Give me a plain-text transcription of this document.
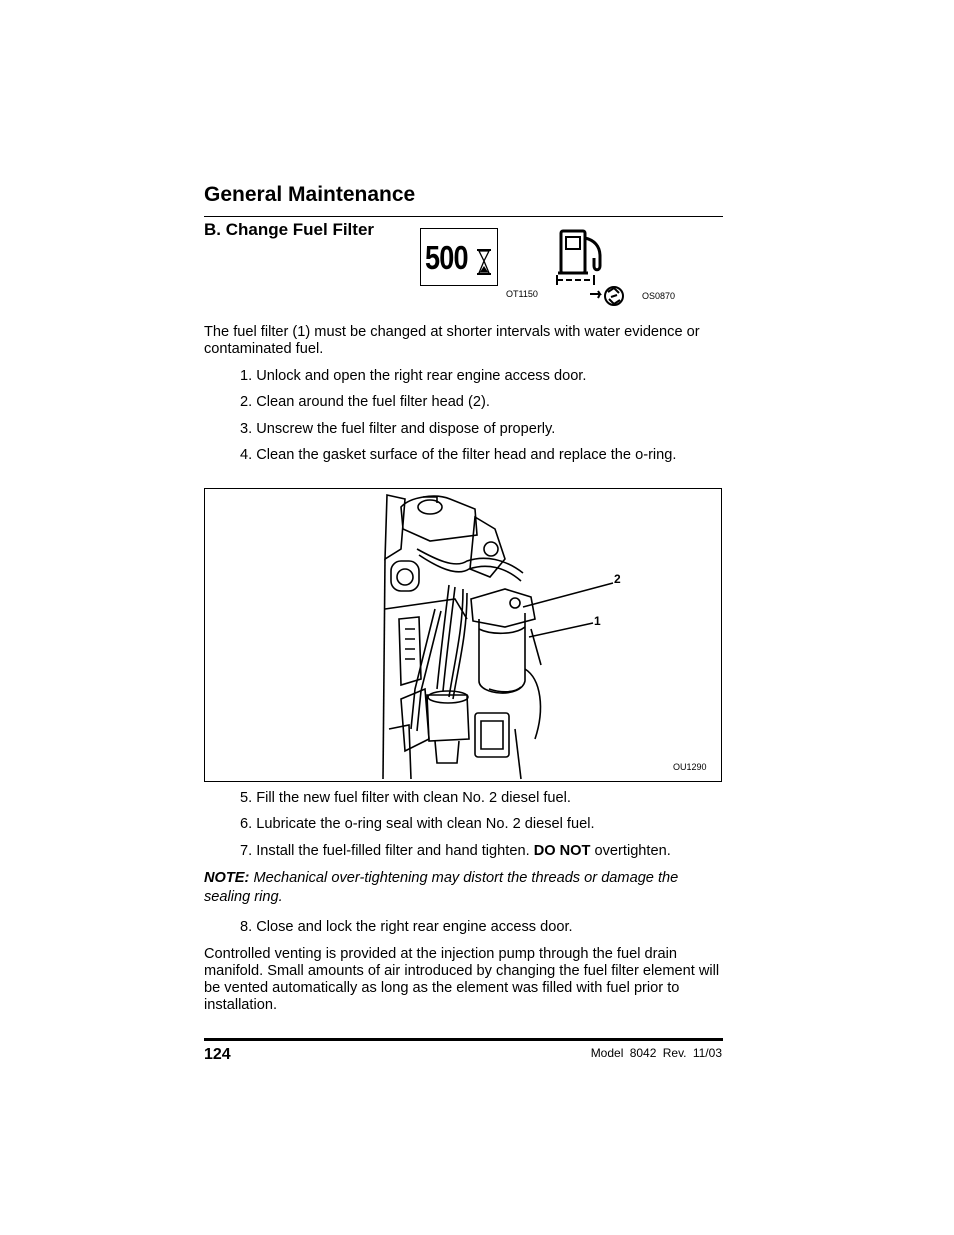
General Maintenance
B. Change Fuel Filter
500
OT1150	OS0870
The fuel filter (1) must be changed at shorter intervals with water evidence or contaminated fuel.
1. Unlock and open the right rear engine access door.
2. Clean around the fuel filter head (2).
3. Unscrew the fuel filter and dispose of properly.
4. Clean the gasket surface of the filter head and replace the o-ring.
2
1
OU1290
5. Fill the new fuel filter with clean No. 2 diesel fuel.
6. Lubricate the o-ring seal with clean No. 2 diesel fuel.
7. Install the fuel-filled filter and hand tighten. DO NOT overtighten.
NOTE: Mechanical over-tightening may distort the threads or damage the sealing ring.
8. Close and lock the right rear engine access door.
Controlled venting is provided at the injection pump through the fuel drain manifold. Small amounts of air introduced by changing the fuel filter element will be vented automatically as long as the element was filled with fuel prior to installation.
124	Model 8042 Rev. 11/03
